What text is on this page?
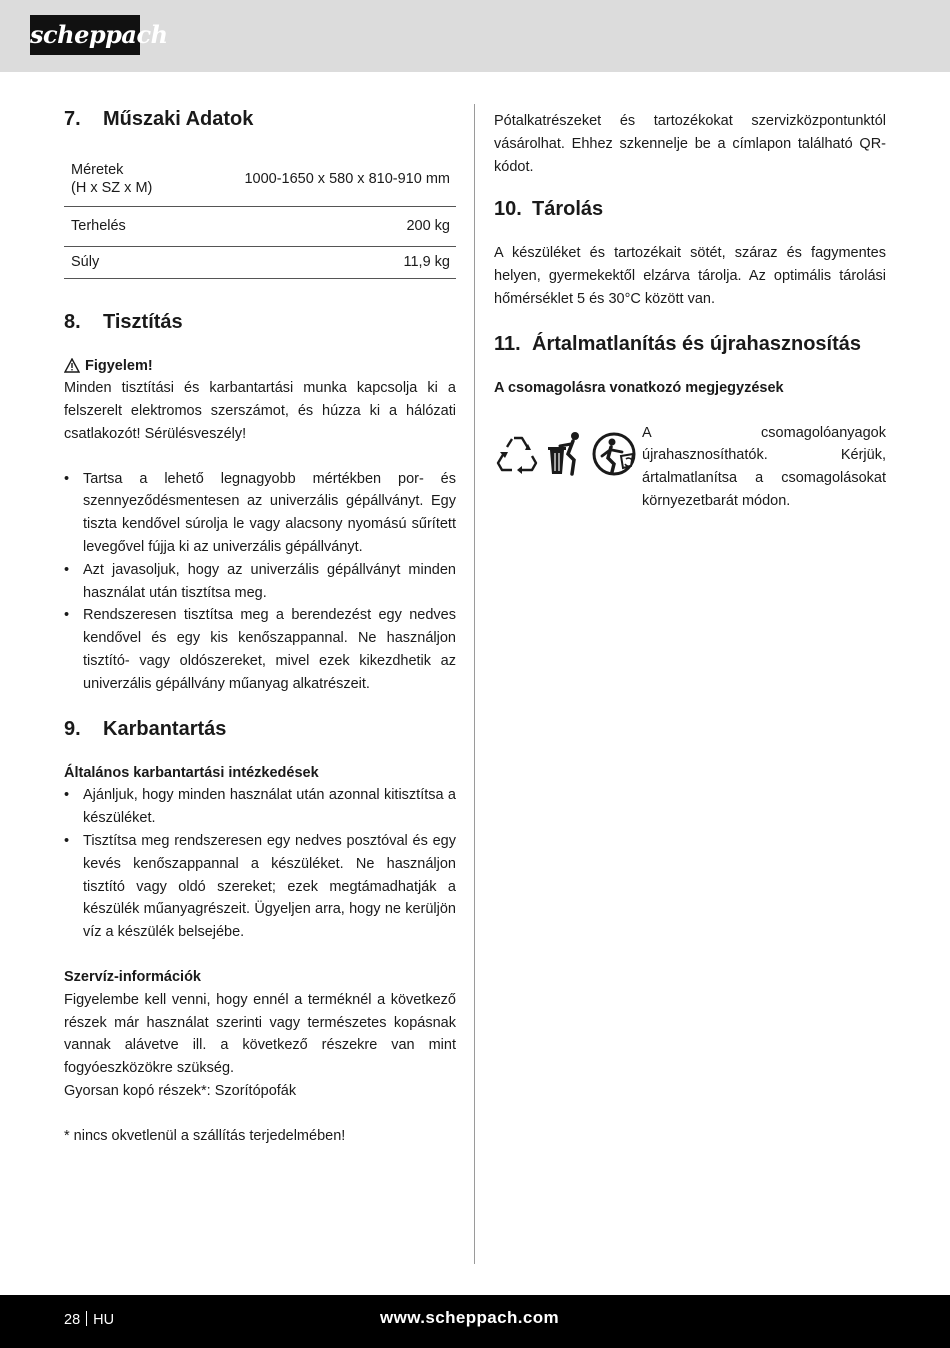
scheppach
7.	Műszaki Adatok
Méretek
(H x SZ x M)	1000-1650 x 580 x 810-910 mm
Terhelés	200 kg
Súly	11,9 kg
8.	Tisztítás
Figyelem!

Minden tisztítási és karbantartási munka kapcsolja ki a felszerelt elektromos szerszámot, és húzza ki a hálózati csatlakozót! Sérülésveszély!

• Tartsa a lehető legnagyobb mértékben por- és szennyeződésmentesen az univerzális gépállványt. Egy tiszta kendővel súrolja le vagy alacsony nyomású sűrített levegővel fújja ki az univerzális gépállványt.
• Azt javasoljuk, hogy az univerzális gépállványt minden használat után tisztítsa meg.
• Rendszeresen tisztítsa meg a berendezést egy nedves kendővel és egy kis kenőszappannal. Ne használjon tisztító- vagy oldószereket, mivel ezek kikezdhetik az univerzális gépállvány műanyag alkatrészeit.
9.	Karbantartás
Általános karbantartási intézkedések
• Ajánljuk, hogy minden használat után azonnal kitisztítsa a készüléket.
• Tisztítsa meg rendszeresen egy nedves posztóval és egy kevés kenőszappannal a készüléket. Ne használjon tisztító vagy oldó szereket; ezek megtámadhatják a készülék műanyagrészeit. Ügyeljen arra, hogy ne kerüljön víz a készülék belsejébe.
Szervíz-információk

Figyelembe kell venni, hogy ennél a terméknél a következő részek már használat szerinti vagy természetes kopásnak vannak alávetve ill. a következő részekre van mint fogyóeszközökre szükség.

Gyorsan kopó részek*: Szorítópofák

* nincs okvetlenül a szállítás terjedelmében!

Pótalkatrészeket és tartozékokat szervizközpontunktól vásárolhat. Ehhez szkennelje be a címlapon található QR-kódot.

10. Tárolás

A készüléket és tartozékait sötét, száraz és fagymentes helyen, gyermekektől elzárva tárolja. Az optimális tárolási hőmérséklet 5 és 30°C között van.

11. Ártalmatlanítás és újrahasznosítás
A csomagolásra vonatkozó megjegyzések

A csomagolóanyagok újrahasznosíthatók. Kérjük, ártalmatlanítsa a csomagolásokat környezetbarát módon.

28 HU	www.scheppach.com
